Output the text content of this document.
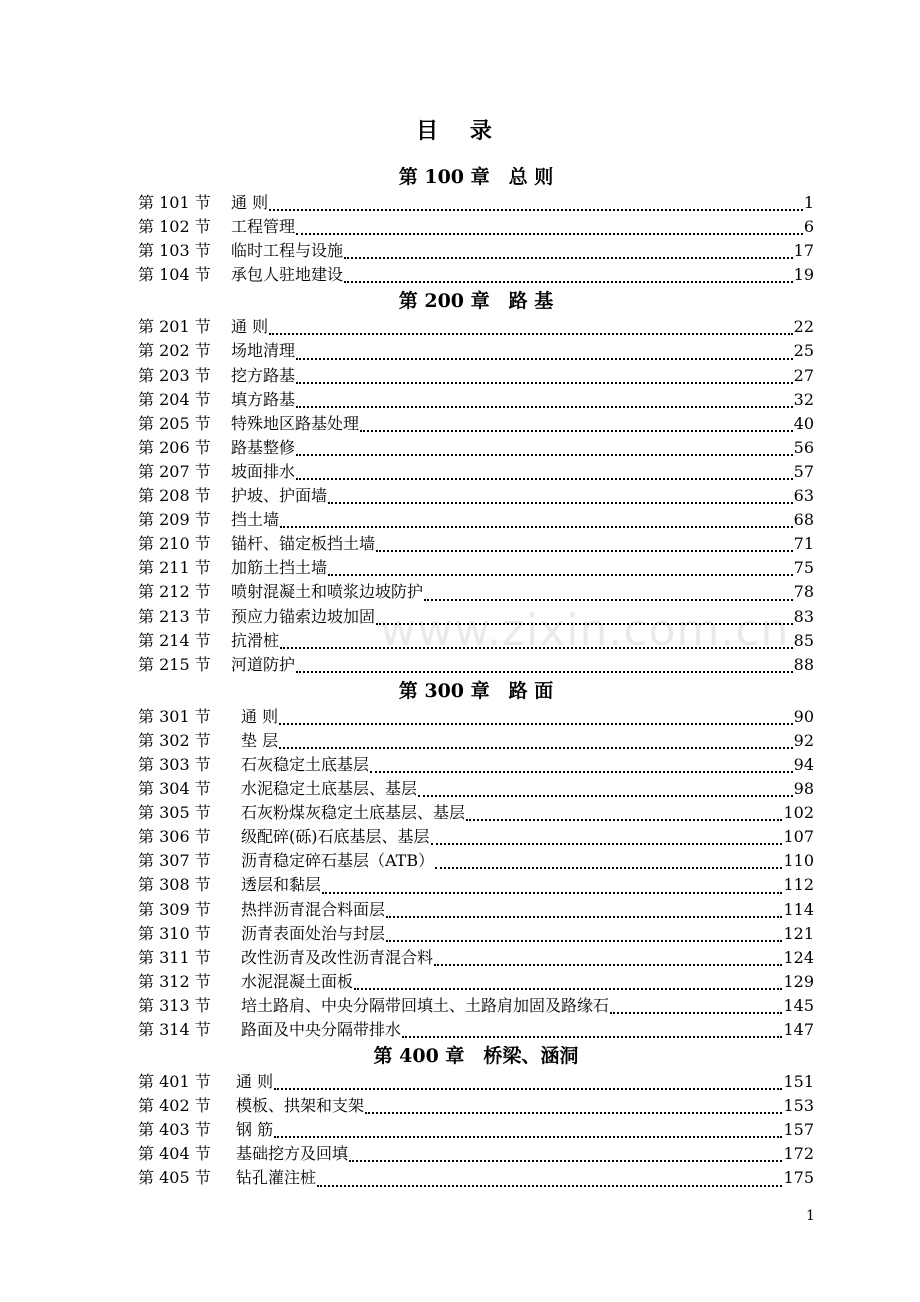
目 录
www.zixin.com.cn
第 100 章　总 则
第 101 节	通 则	1
第 102 节	工程管理	6
第 103 节	临时工程与设施	17
第 104 节	承包人驻地建设	19
第 200 章　路 基
第 201 节	通 则	22
第 202 节	场地清理	25
第 203 节	挖方路基	27
第 204 节	填方路基	32
第 205 节	特殊地区路基处理	40
第 206 节	路基整修	56
第 207 节	坡面排水	57
第 208 节	护坡、护面墙	63
第 209 节	挡土墙	68
第 210 节	锚杆、锚定板挡土墙	71
第 211 节	加筋土挡土墙	75
第 212 节	喷射混凝土和喷浆边坡防护	78
第 213 节	预应力锚索边坡加固	83
第 214 节	抗滑桩	85
第 215 节	河道防护	88
第 300 章　路 面
第 301 节	通 则	90
第 302 节	垫 层	92
第 303 节	石灰稳定土底基层	94
第 304 节	水泥稳定土底基层、基层	98
第 305 节	石灰粉煤灰稳定土底基层、基层	102
第 306 节	级配碎(砾)石底基层、基层	107
第 307 节	沥青稳定碎石基层（ATB）	110
第 308 节	透层和黏层	112
第 309 节	热拌沥青混合料面层	114
第 310 节	沥青表面处治与封层	121
第 311 节	改性沥青及改性沥青混合料	124
第 312 节	水泥混凝土面板	129
第 313 节	培土路肩、中央分隔带回填土、土路肩加固及路缘石	145
第 314 节	路面及中央分隔带排水	147
第 400 章　桥梁、涵洞
第 401 节	通 则	151
第 402 节	模板、拱架和支架	153
第 403 节	钢 筋	157
第 404 节	基础挖方及回填	172
第 405 节	钻孔灌注桩	175
1
